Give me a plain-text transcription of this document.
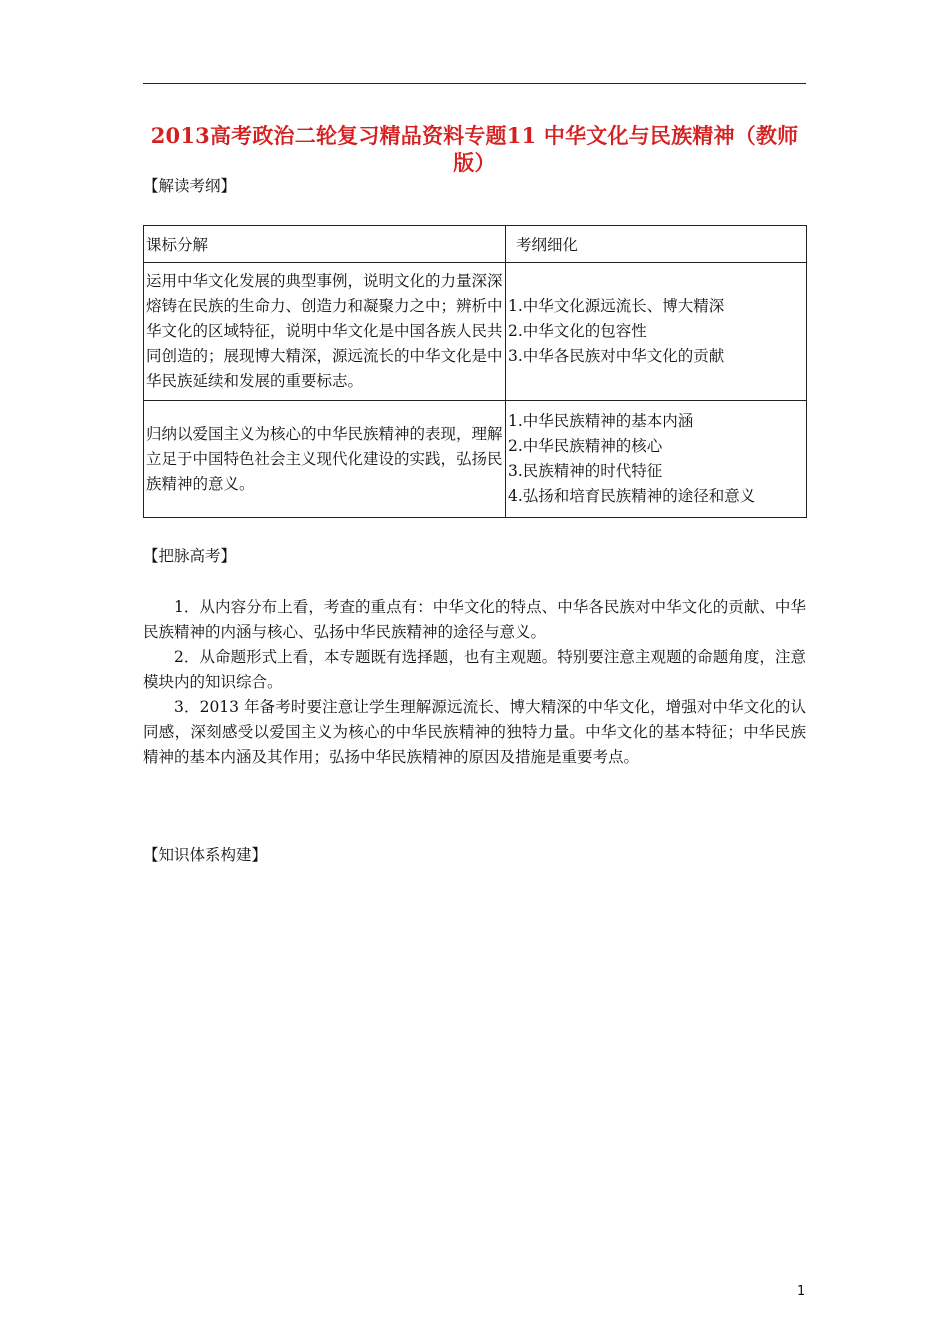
2013高考政治二轮复习精品资料专题11 中华文化与民族精神（教师版）
【解读考纲】
课标分解	考纲细化

运用中华文化发展的典型事例，说明文化的力量深深熔铸在民族的生命力、创造力和凝聚力之中；辨析中华文化的区域特征，说明中华文化是中国各族人民共同创造的；展现博大精深，源远流长的中华文化是中华民族延续和发展的重要标志。	1.中华文化源远流长、博大精深
2.中华文化的包容性
3.中华各民族对中华文化的贡献

归纳以爱国主义为核心的中华民族精神的表现，理解立足于中国特色社会主义现代化建设的实践，弘扬民族精神的意义。	1.中华民族精神的基本内涵
2.中华民族精神的核心
3.民族精神的时代特征
4.弘扬和培育民族精神的途径和意义
【把脉高考】
1．从内容分布上看，考查的重点有：中华文化的特点、中华各民族对中华文化的贡献、中华民族精神的内涵与核心、弘扬中华民族精神的途径与意义。
2．从命题形式上看，本专题既有选择题，也有主观题。特别要注意主观题的命题角度，注意模块内的知识综合。
3．2013 年备考时要注意让学生理解源远流长、博大精深的中华文化，增强对中华文化的认同感，深刻感受以爱国主义为核心的中华民族精神的独特力量。中华文化的基本特征；中华民族精神的基本内涵及其作用；弘扬中华民族精神的原因及措施是重要考点。
【知识体系构建】
1
